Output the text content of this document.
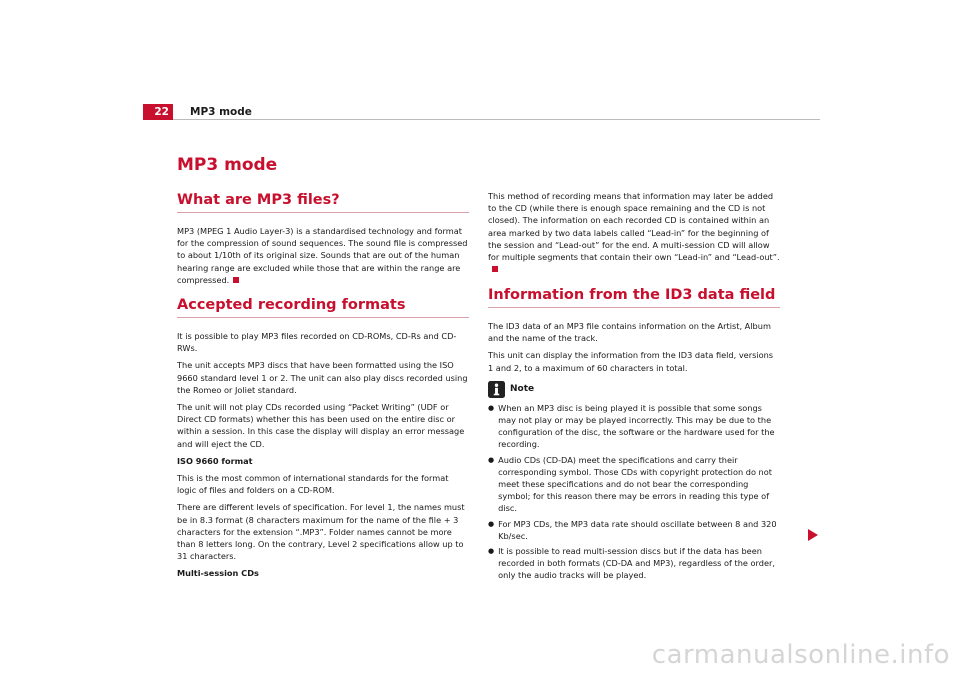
22	MP3 mode
MP3 mode
What are MP3 files?

MP3 (MPEG 1 Audio Layer-3) is a standardised technology and format for the compression of sound sequences. The sound file is compressed to about 1/10th of its original size. Sounds that are out of the human hearing range are excluded while those that are within the range are compressed.

Accepted recording formats

It is possible to play MP3 files recorded on CD-ROMs, CD-Rs and CD-RWs.

The unit accepts MP3 discs that have been formatted using the ISO 9660 standard level 1 or 2. The unit can also play discs recorded using the Romeo or Joliet standard.

The unit will not play CDs recorded using “Packet Writing” (UDF or Direct CD formats) whether this has been used on the entire disc or within a session. In this case the display will display an error message and will eject the CD.

ISO 9660 format

This is the most common of international standards for the format logic of files and folders on a CD-ROM.

There are different levels of specification. For level 1, the names must be in 8.3 format (8 characters maximum for the name of the file + 3 characters for the extension “.MP3”. Folder names cannot be more than 8 letters long. On the contrary, Level 2 specifications allow up to 31 characters.

Multi-session CDs

This method of recording means that information may later be added to the CD (while there is enough space remaining and the CD is not closed). The information on each recorded CD is contained within an area marked by two data labels called “Lead-in” for the beginning of the session and “Lead-out” for the end. A multi-session CD will allow for multiple segments that contain their own “Lead-in” and “Lead-out”.

Information from the ID3 data field

The ID3 data of an MP3 file contains information on the Artist, Album and the name of the track.

This unit can display the information from the ID3 data field, versions 1 and 2, to a maximum of 60 characters in total.

Note
● When an MP3 disc is being played it is possible that some songs may not play or may be played incorrectly. This may be due to the configuration of the disc, the software or the hardware used for the recording.
● Audio CDs (CD-DA) meet the specifications and carry their corresponding symbol. Those CDs with copyright protection do not meet these specifications and do not bear the corresponding symbol; for this reason there may be errors in reading this type of disc.
● For MP3 CDs, the MP3 data rate should oscillate between 8 and 320 Kb/sec.
● It is possible to read multi-session discs but if the data has been recorded in both formats (CD-DA and MP3), regardless of the order, only the audio tracks will be played.
carmanualsonline.info
